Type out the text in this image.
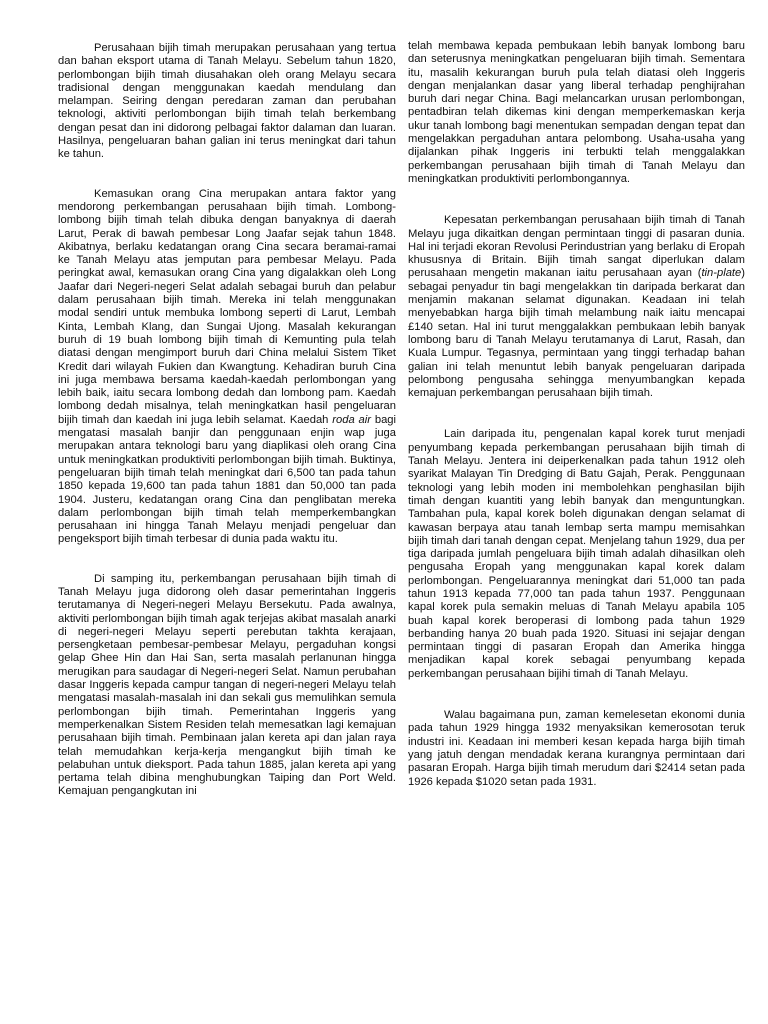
Perusahaan bijih timah merupakan perusahaan yang tertua dan bahan eksport utama di Tanah Melayu. Sebelum tahun 1820, perlombongan bijih timah diusahakan oleh orang Melayu secara tradisional dengan menggunakan kaedah mendulang dan melampan. Seiring dengan peredaran zaman dan perubahan teknologi, aktiviti perlombongan bijih timah telah berkembang dengan pesat dan ini didorong pelbagai faktor dalaman dan luaran. Hasilnya, pengeluaran bahan galian ini terus meningkat dari tahun ke tahun.

Kemasukan orang Cina merupakan antara faktor yang mendorong perkembangan perusahaan bijih timah. Lombong-lombong bijih timah telah dibuka dengan banyaknya di daerah Larut, Perak di bawah pembesar Long Jaafar sejak tahun 1848. Akibatnya, berlaku kedatangan orang Cina secara beramai-ramai ke Tanah Melayu atas jemputan para pembesar Melayu. Pada peringkat awal, kemasukan orang Cina yang digalakkan oleh Long Jaafar dari Negeri-negeri Selat adalah sebagai buruh dan pelabur dalam perusahaan bijih timah. Mereka ini telah menggunakan modal sendiri untuk membuka lombong seperti di Larut, Lembah Kinta, Lembah Klang, dan Sungai Ujong. Masalah kekurangan buruh di 19 buah lombong bijih timah di Kemunting pula telah diatasi dengan mengimport buruh dari China melalui Sistem Tiket Kredit dari wilayah Fukien dan Kwangtung. Kehadiran buruh Cina ini juga membawa bersama kaedah-kaedah perlombongan yang lebih baik, iaitu secara lombong dedah dan lombong pam. Kaedah lombong dedah misalnya, telah meningkatkan hasil pengeluaran bijih timah dan kaedah ini juga lebih selamat. Kaedah roda air bagi mengatasi masalah banjir dan penggunaan enjin wap juga merupakan antara teknologi baru yang diaplikasi oleh orang Cina untuk meningkatkan produktiviti perlombongan bijih timah. Buktinya, pengeluaran bijih timah telah meningkat dari 6,500 tan pada tahun 1850 kepada 19,600 tan pada tahun 1881 dan 50,000 tan pada 1904. Justeru, kedatangan orang Cina dan penglibatan mereka dalam perlombongan bijih timah telah memperkembangkan perusahaan ini hingga Tanah Melayu menjadi pengeluar dan pengeksport bijih timah terbesar di dunia pada waktu itu.

Di samping itu, perkembangan perusahaan bijih timah di Tanah Melayu juga didorong oleh dasar pemerintahan Inggeris terutamanya di Negeri-negeri Melayu Bersekutu. Pada awalnya, aktiviti perlombongan bijih timah agak terjejas akibat masalah anarki di negeri-negeri Melayu seperti perebutan takhta kerajaan, persengketaan pembesar-pembesar Melayu, pergaduhan kongsi gelap Ghee Hin dan Hai San, serta masalah perlanunan hingga merugikan para saudagar di Negeri-negeri Selat. Namun perubahan dasar Inggeris kepada campur tangan di negeri-negeri Melayu telah mengatasi masalah-masalah ini dan sekali gus memulihkan semula perlombongan bijih timah. Pemerintahan Inggeris yang memperkenalkan Sistem Residen telah memesatkan lagi kemajuan perusahaan bijih timah. Pembinaan jalan kereta api dan jalan raya telah memudahkan kerja-kerja mengangkut bijih timah ke pelabuhan untuk dieksport. Pada tahun 1885, jalan kereta api yang pertama telah dibina menghubungkan Taiping dan Port Weld. Kemajuan pengangkutan ini

telah membawa kepada pembukaan lebih banyak lombong baru dan seterusnya meningkatkan pengeluaran bijih timah. Sementara itu, masalih kekurangan buruh pula telah diatasi oleh Inggeris dengan menjalankan dasar yang liberal terhadap penghijrahan buruh dari negar China. Bagi melancarkan urusan perlombongan, pentadbiran telah dikemas kini dengan memperkemaskan kerja ukur tanah lombong bagi menentukan sempadan dengan tepat dan mengelakkan pergaduhan antara pelombong. Usaha-usaha yang dijalankan pihak Inggeris ini terbukti telah menggalakkan perkembangan perusahaan bijih timah di Tanah Melayu dan meningkatkan produktiviti perlombongannya.

Kepesatan perkembangan perusahaan bijih timah di Tanah Melayu juga dikaitkan dengan permintaan tinggi di pasaran dunia. Hal ini terjadi ekoran Revolusi Perindustrian yang berlaku di Eropah khususnya di Britain. Bijih timah sangat diperlukan dalam perusahaan mengetin makanan iaitu perusahaan ayan (tin-plate) sebagai penyadur tin bagi mengelakkan tin daripada berkarat dan menjamin makanan selamat digunakan. Keadaan ini telah menyebabkan harga bijih timah melambung naik iaitu mencapai £140 setan. Hal ini turut menggalakkan pembukaan lebih banyak lombong baru di Tanah Melayu terutamanya di Larut, Rasah, dan Kuala Lumpur. Tegasnya, permintaan yang tinggi terhadap bahan galian ini telah menuntut lebih banyak pengeluaran daripada pelombong pengusaha sehingga menyumbangkan kepada kemajuan perkembangan perusahaan bijih timah.

Lain daripada itu, pengenalan kapal korek turut menjadi penyumbang kepada perkembangan perusahaan bijih timah di Tanah Melayu. Jentera ini deiperkenalkan pada tahun 1912 oleh syarikat Malayan Tin Dredging di Batu Gajah, Perak. Penggunaan teknologi yang lebih moden ini membolehkan penghasilan bijih timah dengan kuantiti yang lebih banyak dan menguntungkan. Tambahan pula, kapal korek boleh digunakan dengan selamat di kawasan berpaya atau tanah lembap serta mampu memisahkan bijih timah dari tanah dengan cepat. Menjelang tahun 1929, dua per tiga daripada jumlah pengeluara bijih timah adalah dihasilkan oleh pengusaha Eropah yang menggunakan kapal korek dalam perlombongan. Pengeluarannya meningkat dari 51,000 tan pada tahun 1913 kepada 77,000 tan pada tahun 1937. Penggunaan kapal korek pula semakin meluas di Tanah Melayu apabila 105 buah kapal korek beroperasi di lombong pada tahun 1929 berbanding hanya 20 buah pada 1920. Situasi ini sejajar dengan permintaan tinggi di pasaran Eropah dan Amerika hingga menjadikan kapal korek sebagai penyumbang kepada perkembangan perusahaan bijihi timah di Tanah Melayu.

Walau bagaimana pun, zaman kemelesetan ekonomi dunia pada tahun 1929 hingga 1932 menyaksikan kemerosotan teruk industri ini. Keadaan ini memberi kesan kepada harga bijih timah yang jatuh dengan mendadak kerana kurangnya permintaan dari pasaran Eropah. Harga bijih timah merudum dari $2414 setan pada 1926 kepada $1020 setan pada 1931.
